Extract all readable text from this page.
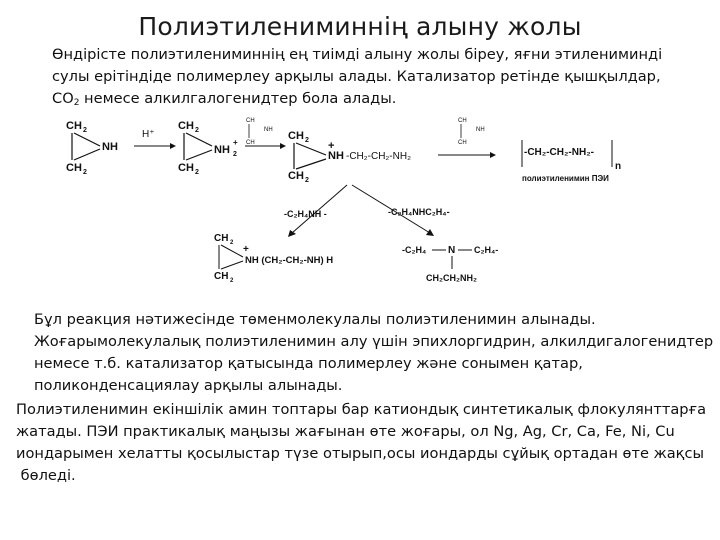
Полиэтилениминнің алыну жолы

Өндірісте полиэтилениминнің ең тиімді алыну жолы біреу, яғни этилениминді
сулы ерітіндіде полимерлеу арқылы алады. Катализатор ретінде қышқылдар,
$CO_2$ немесе алкилгалогенидтер бола алады.

CH 2
CH 2
NH
H⁺
CH 2
CH 2
NH 2
+
CH
NH
CH
CH 2
CH 2
+
NH -CH₂-CH₂-NH₂
CH
NH
CH
-CH₂-CH₂-NH₂-
n
полиэтиленимин ПЭИ
-C₂H₄NH -	-C₂H₄NHC₂H₄-
CH 2
CH 2
+
NH (CH₂-CH₂-NH) H
-C₂H₄ N C₂H₄-
CH₂CH₂NH₂

Бұл реакция нәтижесінде төменмолекулалы полиэтиленимин алынады.
Жоғарымолекулалық полиэтиленимин алу үшін эпихлоргидрин, алкилдигалогенидтер
немесе т.б. катализатор қатысында полимерлеу және сонымен қатар,
поликонденсациялау арқылы алынады.

Полиэтиленимин екіншілік амин топтары бар катиондық синтетикалық флокулянттарға
жатады. ПЭИ практикалық маңызы жағынан өте жоғары, ол Ng, Ag, Cr, Ca, Fe, Ni, Cu
иондарымен хелатты қосылыстар түзе отырып,осы иондарды сұйық ортадан өте жақсы
бөледі.
